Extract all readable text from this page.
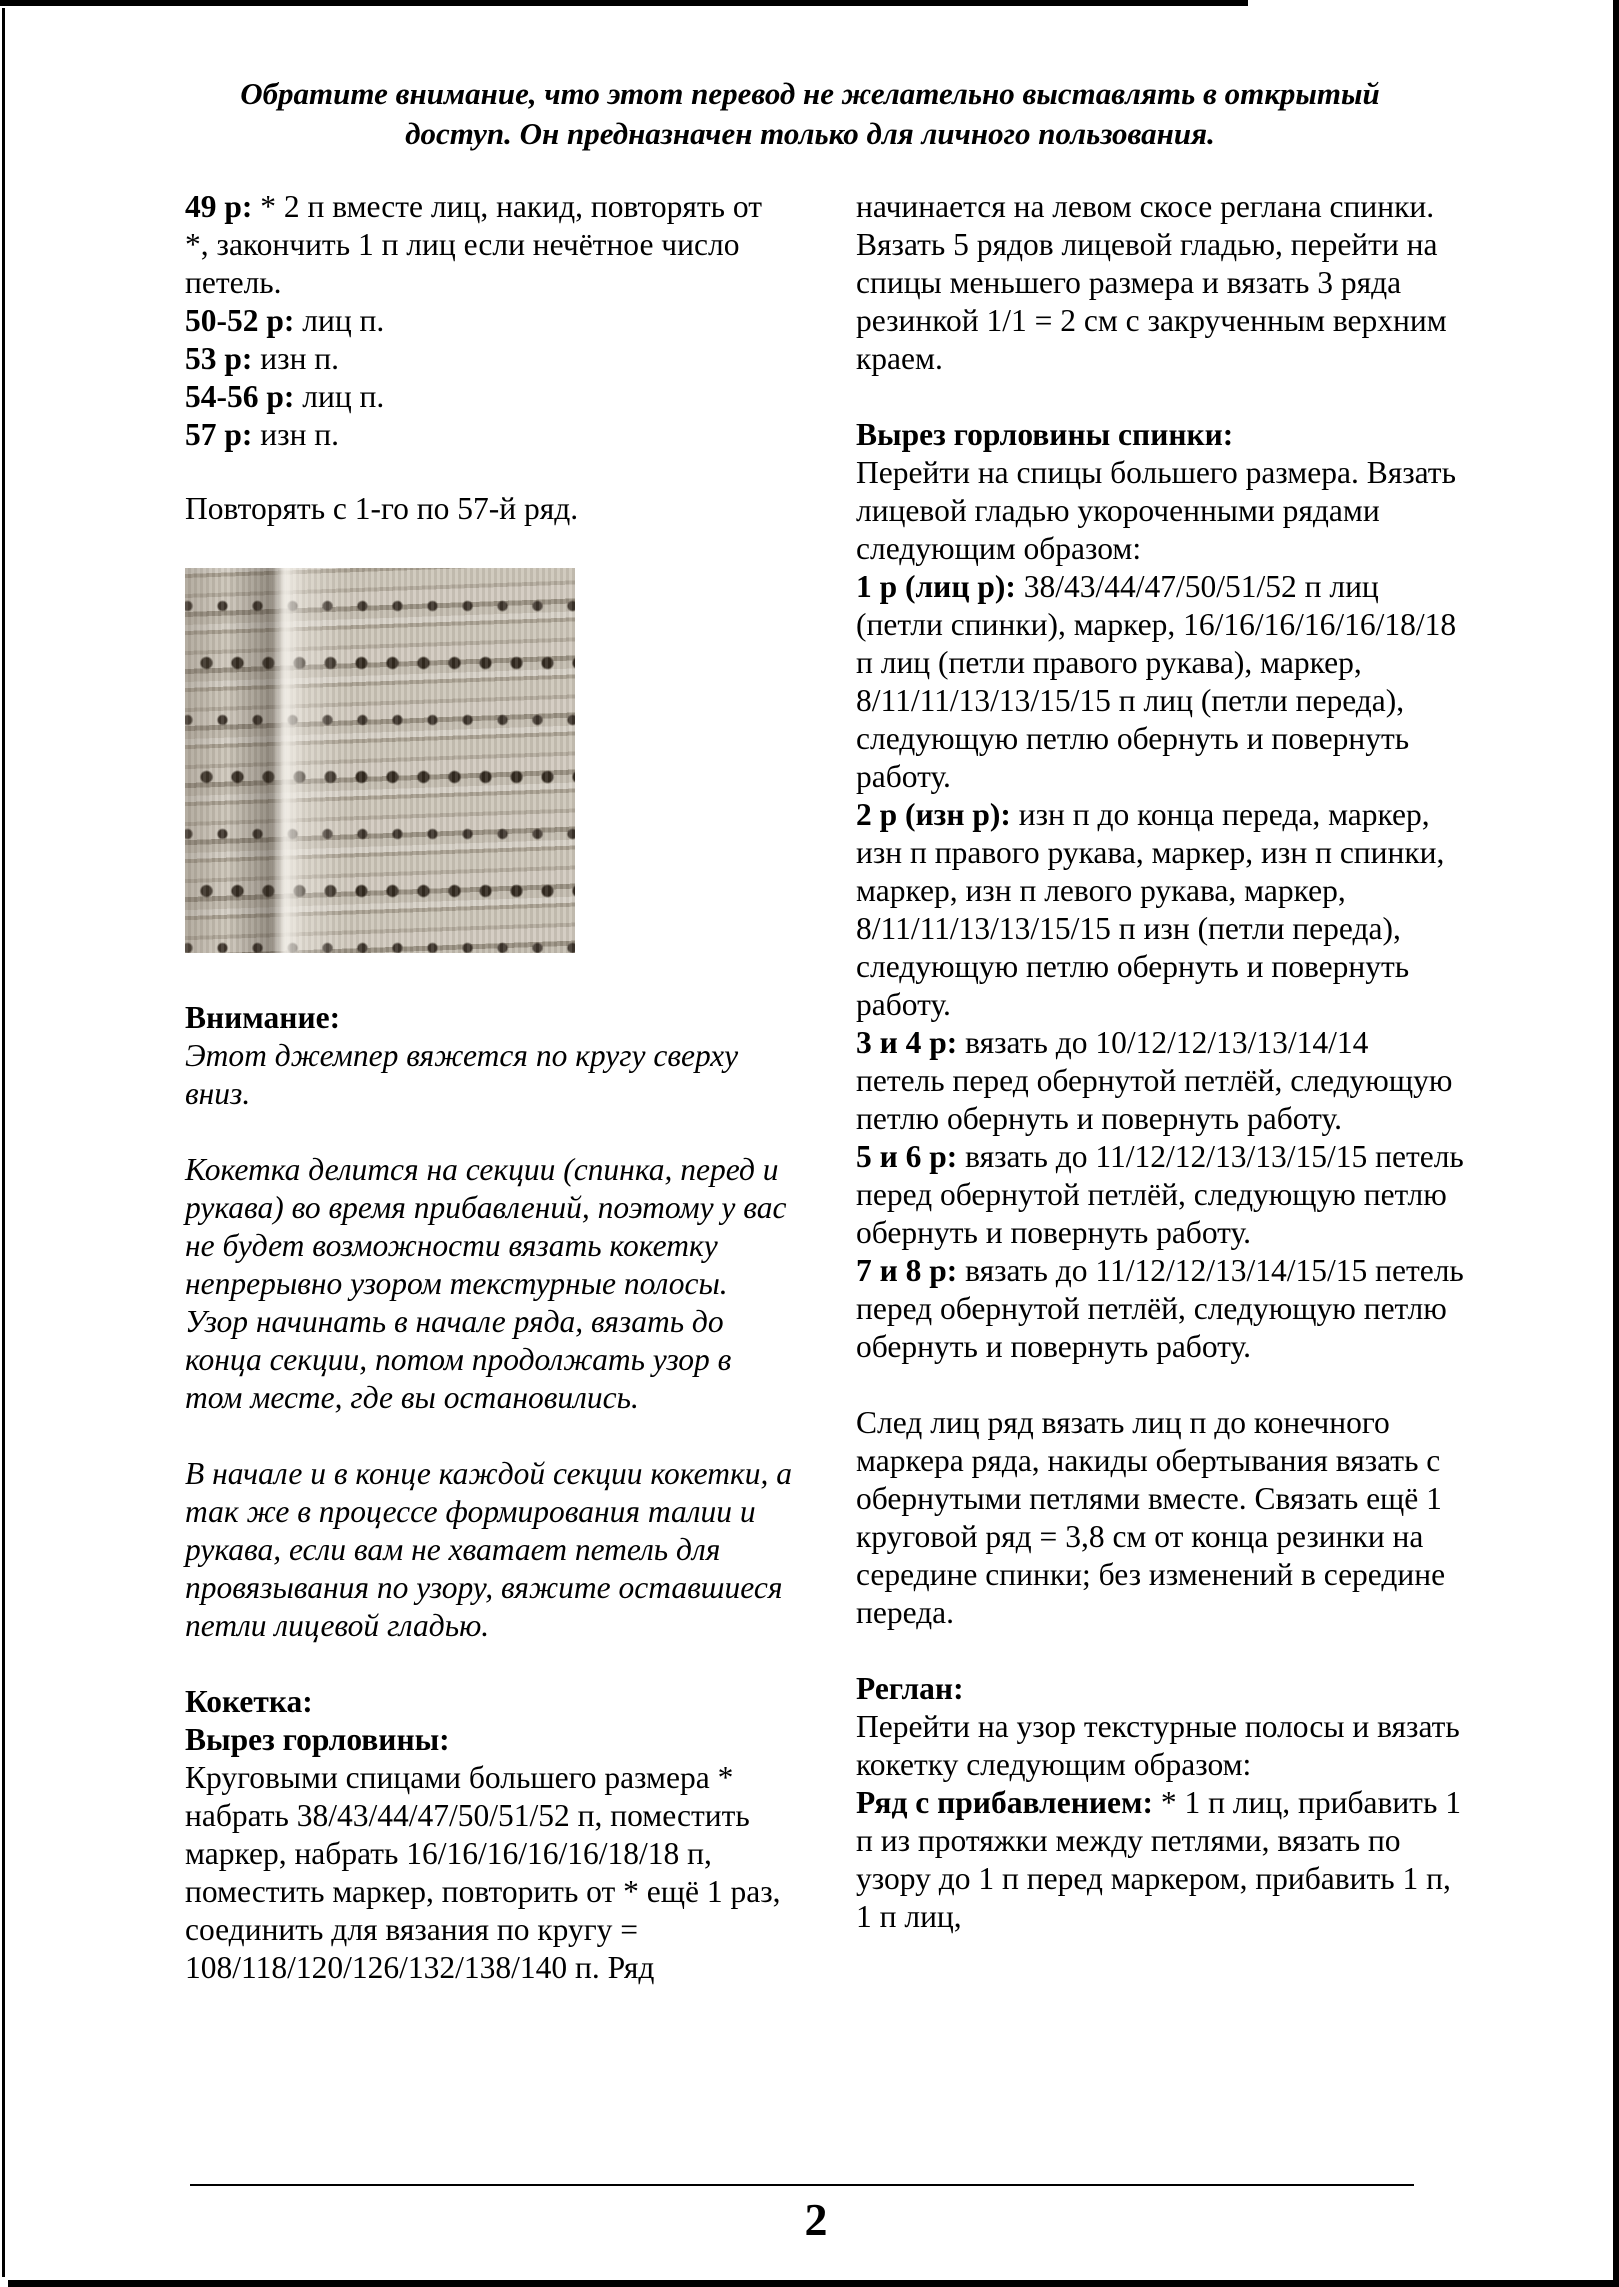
Обратите внимание, что этот перевод не желательно выставлять в открытый доступ. Он предназначен только для личного пользования.

49 р: * 2 п вместе лиц, накид, повторять от *, закончить 1 п лиц если нечётное число петель.

50-52 р: лиц п.

53 р: изн п.

54-56 р: лиц п.

57 р: изн п.

Повторять с 1-го по 57-й ряд.

Внимание:

Этот джемпер вяжется по кругу сверху вниз.

Кокетка делится на секции (спинка, перед и рукава) во время прибавлений, поэтому у вас не будет возможности вязать кокетку непрерывно узором текстурные полосы. Узор начинать в начале ряда, вязать до конца секции, потом продолжать узор в том месте, где вы остановились.

В начале и в конце каждой секции кокетки, а так же в процессе формирования талии и рукава, если вам не хватает петель для провязывания по узору, вяжите оставшиеся петли лицевой гладью.

Кокетка:

Вырез горловины:

Круговыми спицами большего размера * набрать 38/43/44/47/50/51/52 п, поместить маркер, набрать 16/16/16/16/16/18/18 п, поместить маркер, повторить от * ещё 1 раз, соединить для вязания по кругу = 108/118/120/126/132/138/140 п. Ряд

начинается на левом скосе реглана спинки.

Вязать 5 рядов лицевой гладью, перейти на спицы меньшего размера и вязать 3 ряда резинкой 1/1 = 2 см с закрученным верхним краем.

Вырез горловины спинки:

Перейти на спицы большего размера. Вязать лицевой гладью укороченными рядами следующим образом:

1 р (лиц р): 38/43/44/47/50/51/52 п лиц (петли спинки), маркер, 16/16/16/16/16/18/18 п лиц (петли правого рукава), маркер, 8/11/11/13/13/15/15 п лиц (петли переда), следующую петлю обернуть и повернуть работу.

2 р (изн р): изн п до конца переда, маркер, изн п правого рукава, маркер, изн п спинки, маркер, изн п левого рукава, маркер, 8/11/11/13/13/15/15 п изн (петли переда), следующую петлю обернуть и повернуть работу.

3 и 4 р: вязать до 10/12/12/13/13/14/14 петель перед обернутой петлёй, следующую петлю обернуть и повернуть работу.

5 и 6 р: вязать до 11/12/12/13/13/15/15 петель перед обернутой петлёй, следующую петлю обернуть и повернуть работу.

7 и 8 р: вязать до 11/12/12/13/14/15/15 петель перед обернутой петлёй, следующую петлю обернуть и повернуть работу.

След лиц ряд вязать лиц п до конечного маркера ряда, накиды обертывания вязать с обернутыми петлями вместе. Связать ещё 1 круговой ряд = 3,8 см от конца резинки на середине спинки; без изменений в середине переда.

Реглан:

Перейти на узор текстурные полосы и вязать кокетку следующим образом:

Ряд с прибавлением: * 1 п лиц, прибавить 1 п из протяжки между петлями, вязать по узору до 1 п перед маркером, прибавить 1 п, 1 п лиц,

2
